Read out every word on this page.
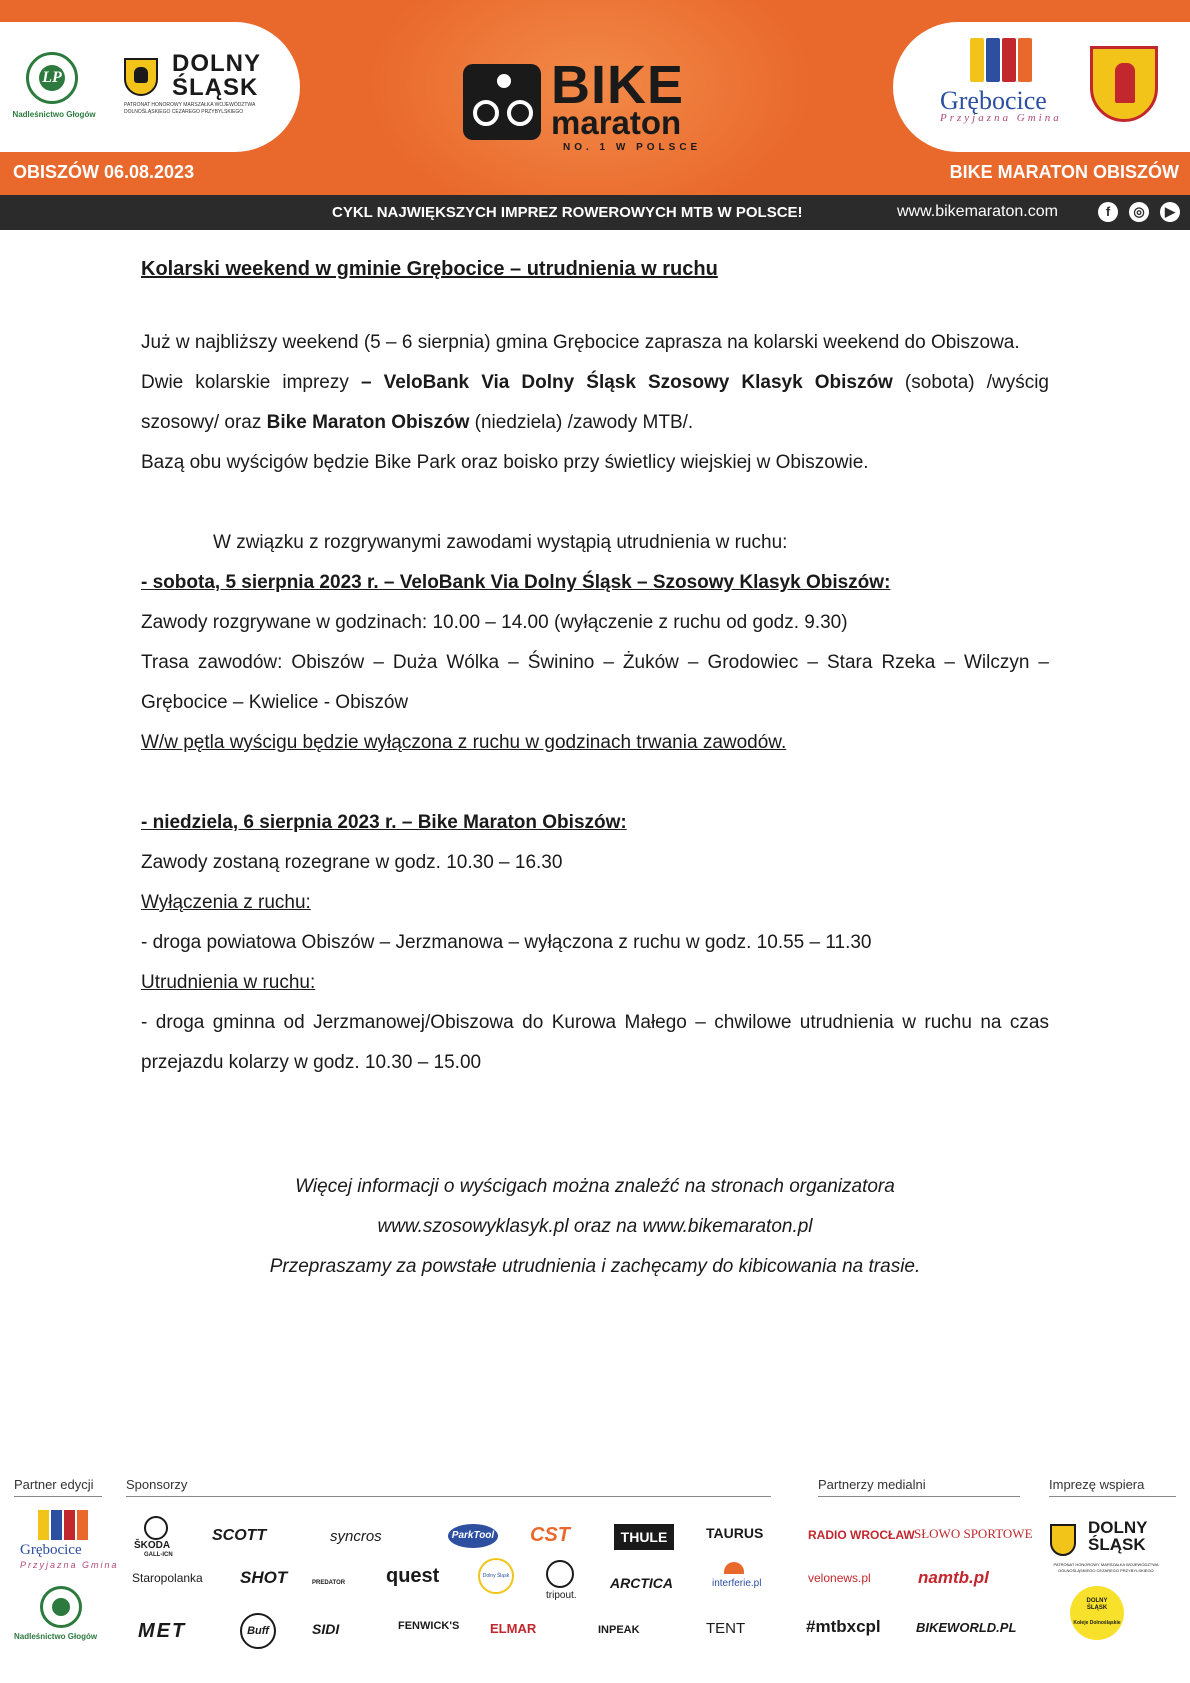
LP
Nadleśnictwo Głogów
DOLNY
ŚLĄSK
PATRONAT HONOROWY MARSZAŁKA WOJEWÓDZTWA DOLNOŚLĄSKIEGO CEZAREGO PRZYBYLSKIEGO	BIKE
maraton
NO. 1 W POLSCE
Grębocice
Przyjazna Gmina
OBISZÓW 06.08.2023	BIKE MARATON OBISZÓW
CYKL NAJWIĘKSZYCH IMPREZ ROWEROWYCH MTB W POLSCE!	www.bikemaraton.com	f	◎	▶
Kolarski weekend w gminie Grębocice – utrudnienia w ruchu
Już w najbliższy weekend (5 – 6 sierpnia) gmina Grębocice zaprasza na kolarski weekend do Obiszowa.
Dwie kolarskie imprezy – VeloBank Via Dolny Śląsk Szosowy Klasyk Obiszów (sobota) /wyścig
szosowy/ oraz Bike Maraton Obiszów (niedziela) /zawody MTB/.
Bazą obu wyścigów będzie Bike Park oraz boisko przy świetlicy wiejskiej w Obiszowie.
W związku z rozgrywanymi zawodami wystąpią utrudnienia w ruchu:
- sobota, 5 sierpnia 2023 r. – VeloBank Via Dolny Śląsk – Szosowy Klasyk Obiszów:
Zawody rozgrywane w godzinach: 10.00 – 14.00 (wyłączenie z ruchu od godz. 9.30)
Trasa zawodów: Obiszów – Duża Wólka – Świnino – Żuków – Grodowiec – Stara Rzeka – Wilczyn –
Grębocice – Kwielice - Obiszów
W/w pętla wyścigu będzie wyłączona z ruchu w godzinach trwania zawodów.
- niedziela, 6 sierpnia 2023 r. – Bike Maraton Obiszów:
Zawody zostaną rozegrane w godz. 10.30 – 16.30
Wyłączenia z ruchu:
- droga powiatowa Obiszów – Jerzmanowa – wyłączona z ruchu w godz. 10.55 – 11.30
Utrudnienia w ruchu:
- droga gminna od Jerzmanowej/Obiszowa do Kurowa Małego – chwilowe utrudnienia w ruchu na czas
przejazdu kolarzy w godz. 10.30 – 15.00
Więcej informacji o wyścigach można znaleźć na stronach organizatora
www.szosowyklasyk.pl oraz na www.bikemaraton.pl
Przepraszamy za powstałe utrudnienia i zachęcamy do kibicowania na trasie.
Partner edycji	Sponsorzy	Partnerzy medialni	Imprezę wspiera
Grębocice
Przyjazna Gmina
Nadleśnictwo Głogów
ŠKODA
GALL-ICN
SCOTT	syncros	ParkTool CST	THULE	TAURUS
Staropolanka SHOT	PREDATOR quest	Dolny Śląsk
tripout.
ARCTICA	interferie.pl
MET	Buff	SIDI	FENWICK'S ELMAR	INPEAK	TENT
RADIO WROCŁAW SŁOWO SPORTOWE
velonews.pl	namtb.pl
#mtbxcpl	BIKEWORLD.PL
DOLNY
ŚLĄSK
PATRONAT HONOROWY MARSZAŁKA WOJEWÓDZTWA DOLNOŚLĄSKIEGO CEZAREGO PRZYBYLSKIEGO
DOLNY
ŚLĄSK
Koleje Dolnośląskie
